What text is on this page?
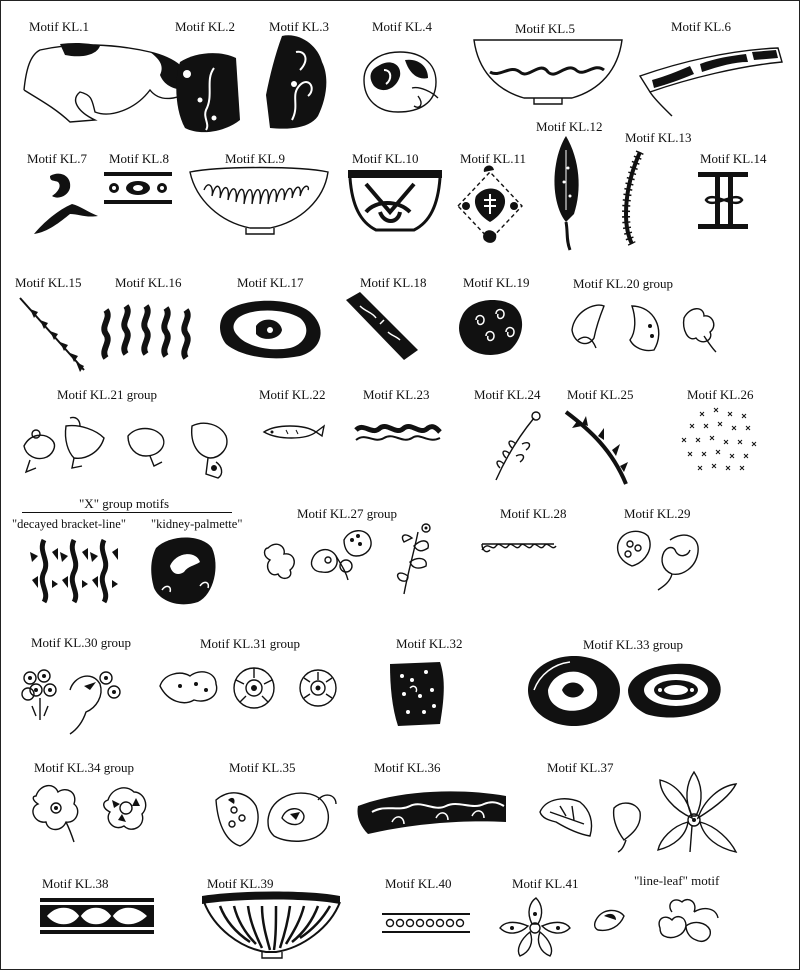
Motif KL.1	Motif KL.2	Motif KL.3	Motif KL.4	Motif KL.5	Motif KL.6
Motif KL.12
Motif KL.13
Motif KL.7 Motif KL.8	Motif KL.9	Motif KL.10	Motif KL.11	Motif KL.14
Motif KL.15	Motif KL.16	Motif KL.17	Motif KL.18	Motif KL.19	Motif KL.20 group
Motif KL.21 group	Motif KL.22	Motif KL.23	Motif KL.24 Motif KL.25	Motif KL.26
"X" group motifs
"decayed bracket-line" "kidney-palmette"
Motif KL.27 group	Motif KL.28	Motif KL.29
Motif KL.30 group	Motif KL.31 group	Motif KL.32	Motif KL.33 group
Motif KL.34 group	Motif KL.35	Motif KL.36	Motif KL.37
Motif KL.38	Motif KL.39	Motif KL.40	Motif KL.41	"line-leaf" motif
